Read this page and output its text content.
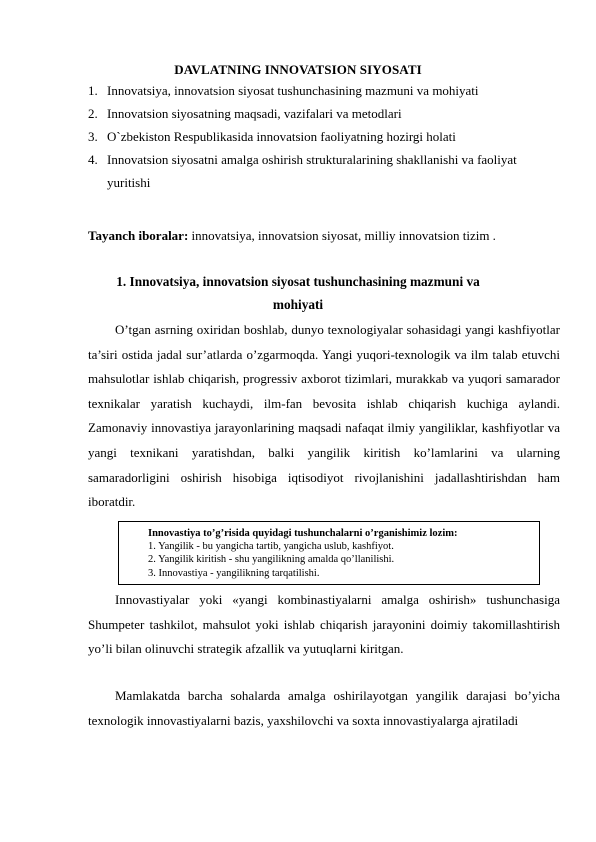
DAVLATNING INNOVATSION SIYOSATI
1. Innovatsiya, innovatsion siyosat tushunchasining mazmuni va mohiyati
2. Innovatsion siyosatning maqsadi, vazifalari va metodlari
3. O`zbekiston Respublikasida innovatsion faoliyatning hozirgi holati
4. Innovatsion siyosatni amalga oshirish strukturalarining shakllanishi va faoliyat yuritishi
Tayanch iboralar: innovatsiya, innovatsion siyosat, milliy innovatsion tizim .
1. Innovatsiya, innovatsion siyosat tushunchasining mazmuni va
mohiyati

O’tgan asrning oxiridan boshlab, dunyo texnologiyalar sohasidagi yangi kashfiyotlar ta’siri ostida jadal sur’atlarda o’zgarmoqda. Yangi yuqori-texnologik va ilm talab etuvchi mahsulotlar ishlab chiqarish, progressiv axborot tizimlari, murakkab va yuqori samarador texnikalar yaratish kuchaydi, ilm-fan bevosita ishlab chiqarish kuchiga aylandi. Zamonaviy innovastiya jarayonlarining maqsadi nafaqat ilmiy yangiliklar, kashfiyotlar va yangi texnikani yaratishdan, balki yangilik kiritish ko’lamlarini va ularning samaradorligini oshirish hisobiga iqtisodiyot rivojlanishini jadallashtirishdan ham iboratdir.

Innovastiya to’g’risida quyidagi tushunchalarni o’rganishimiz lozim:
1. Yangilik - bu yangicha tartib, yangicha uslub, kashfiyot.
2. Yangilik kiritish - shu yangilikning amalda qo’llanilishi.
3. Innovastiya - yangilikning tarqatilishi.

Innovastiyalar yoki «yangi kombinastiyalarni amalga oshirish» tushunchasiga Shumpeter tashkilot, mahsulot yoki ishlab chiqarish jarayonini doimiy takomillashtirish yo’li bilan olinuvchi strategik afzallik va yutuqlarni kiritgan.

Mamlakatda barcha sohalarda amalga oshirilayotgan yangilik darajasi bo’yicha texnologik innovastiyalarni bazis, yaxshilovchi va soxta innovastiyalarga ajratiladi
